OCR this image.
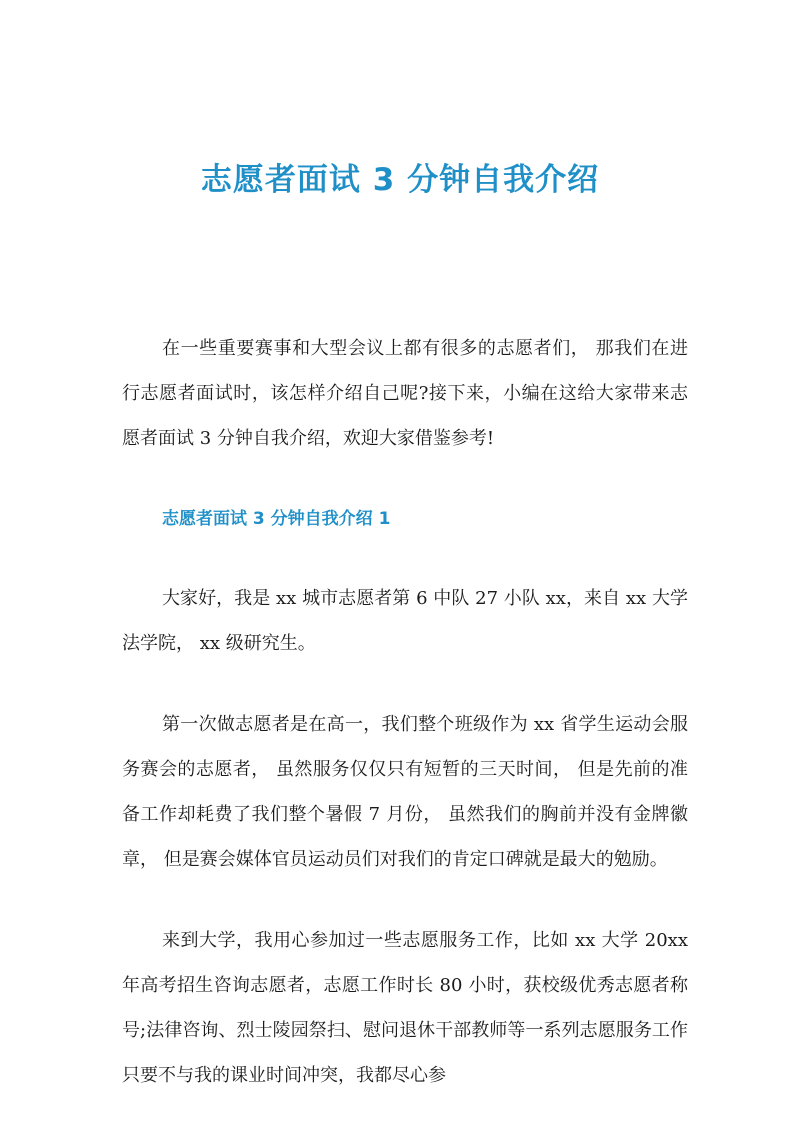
志愿者面试 3 分钟自我介绍

在一些重要赛事和大型会议上都有很多的志愿者们， 那我们在进行志愿者面试时，该怎样介绍自己呢?接下来，小编在这给大家带来志愿者面试 3 分钟自我介绍，欢迎大家借鉴参考!

志愿者面试 3 分钟自我介绍 1

大家好，我是 xx 城市志愿者第 6 中队 27 小队 xx，来自 xx 大学法学院， xx 级研究生。

第一次做志愿者是在高一，我们整个班级作为 xx 省学生运动会服务赛会的志愿者， 虽然服务仅仅只有短暂的三天时间， 但是先前的准备工作却耗费了我们整个暑假 7 月份， 虽然我们的胸前并没有金牌徽章， 但是赛会媒体官员运动员们对我们的肯定口碑就是最大的勉励。

来到大学，我用心参加过一些志愿服务工作，比如 xx 大学 20xx 年高考招生咨询志愿者，志愿工作时长 80 小时，获校级优秀志愿者称号;法律咨询、烈士陵园祭扫、慰问退休干部教师等一系列志愿服务工作只要不与我的课业时间冲突，我都尽心参
